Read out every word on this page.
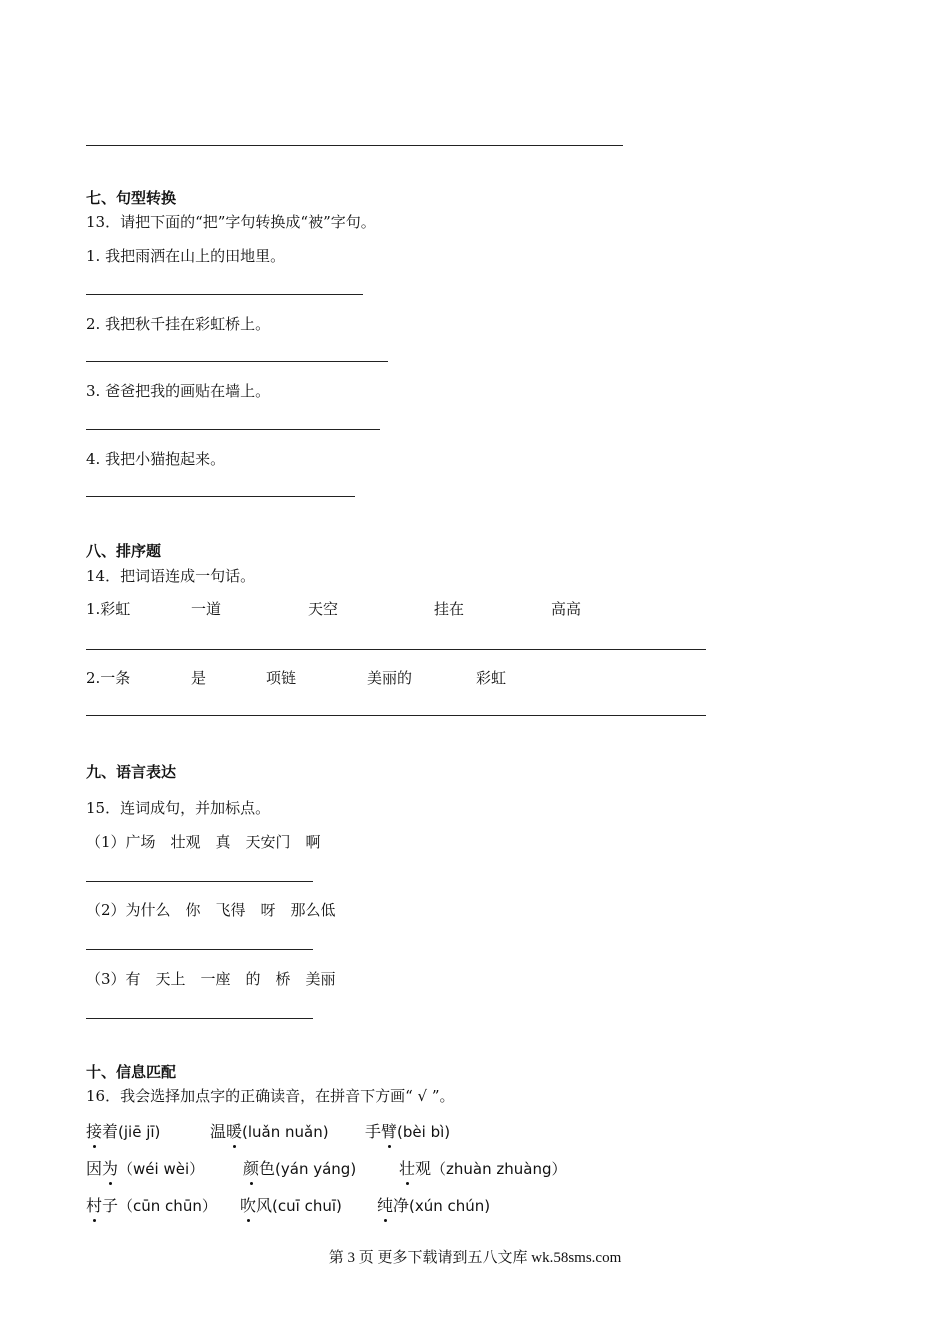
七、句型转换
13．请把下面的“把”字句转换成“被”字句。
1. 我把雨洒在山上的田地里。
2. 我把秋千挂在彩虹桥上。
3. 爸爸把我的画贴在墙上。
4. 我把小猫抱起来。
八、排序题
14．把词语连成一句话。
1.彩虹	一道	天空	挂在	高高
2.一条	是	项链	美丽的	彩虹
九、语言表达
15．连词成句，并加标点。
（1）广场　壮观　真　天安门　啊
（2）为什么　你　飞得　呀　那么低
（3）有　天上　一座　的　桥　美丽
十、信息匹配
16．我会选择加点字的正确读音，在拼音下方画“ √ ”。
接着(jiē jī)	温暖(luǎn nuǎn) 手臂(bèi bì)
因为（wéi wèi） 颜色(yán yáng)	壮观（zhuàn zhuàng）
村子（cūn chūn） 吹风(cuī chuī) 纯净(xún chún)
第 3 页 更多下载请到五八文库 wk.58sms.com
